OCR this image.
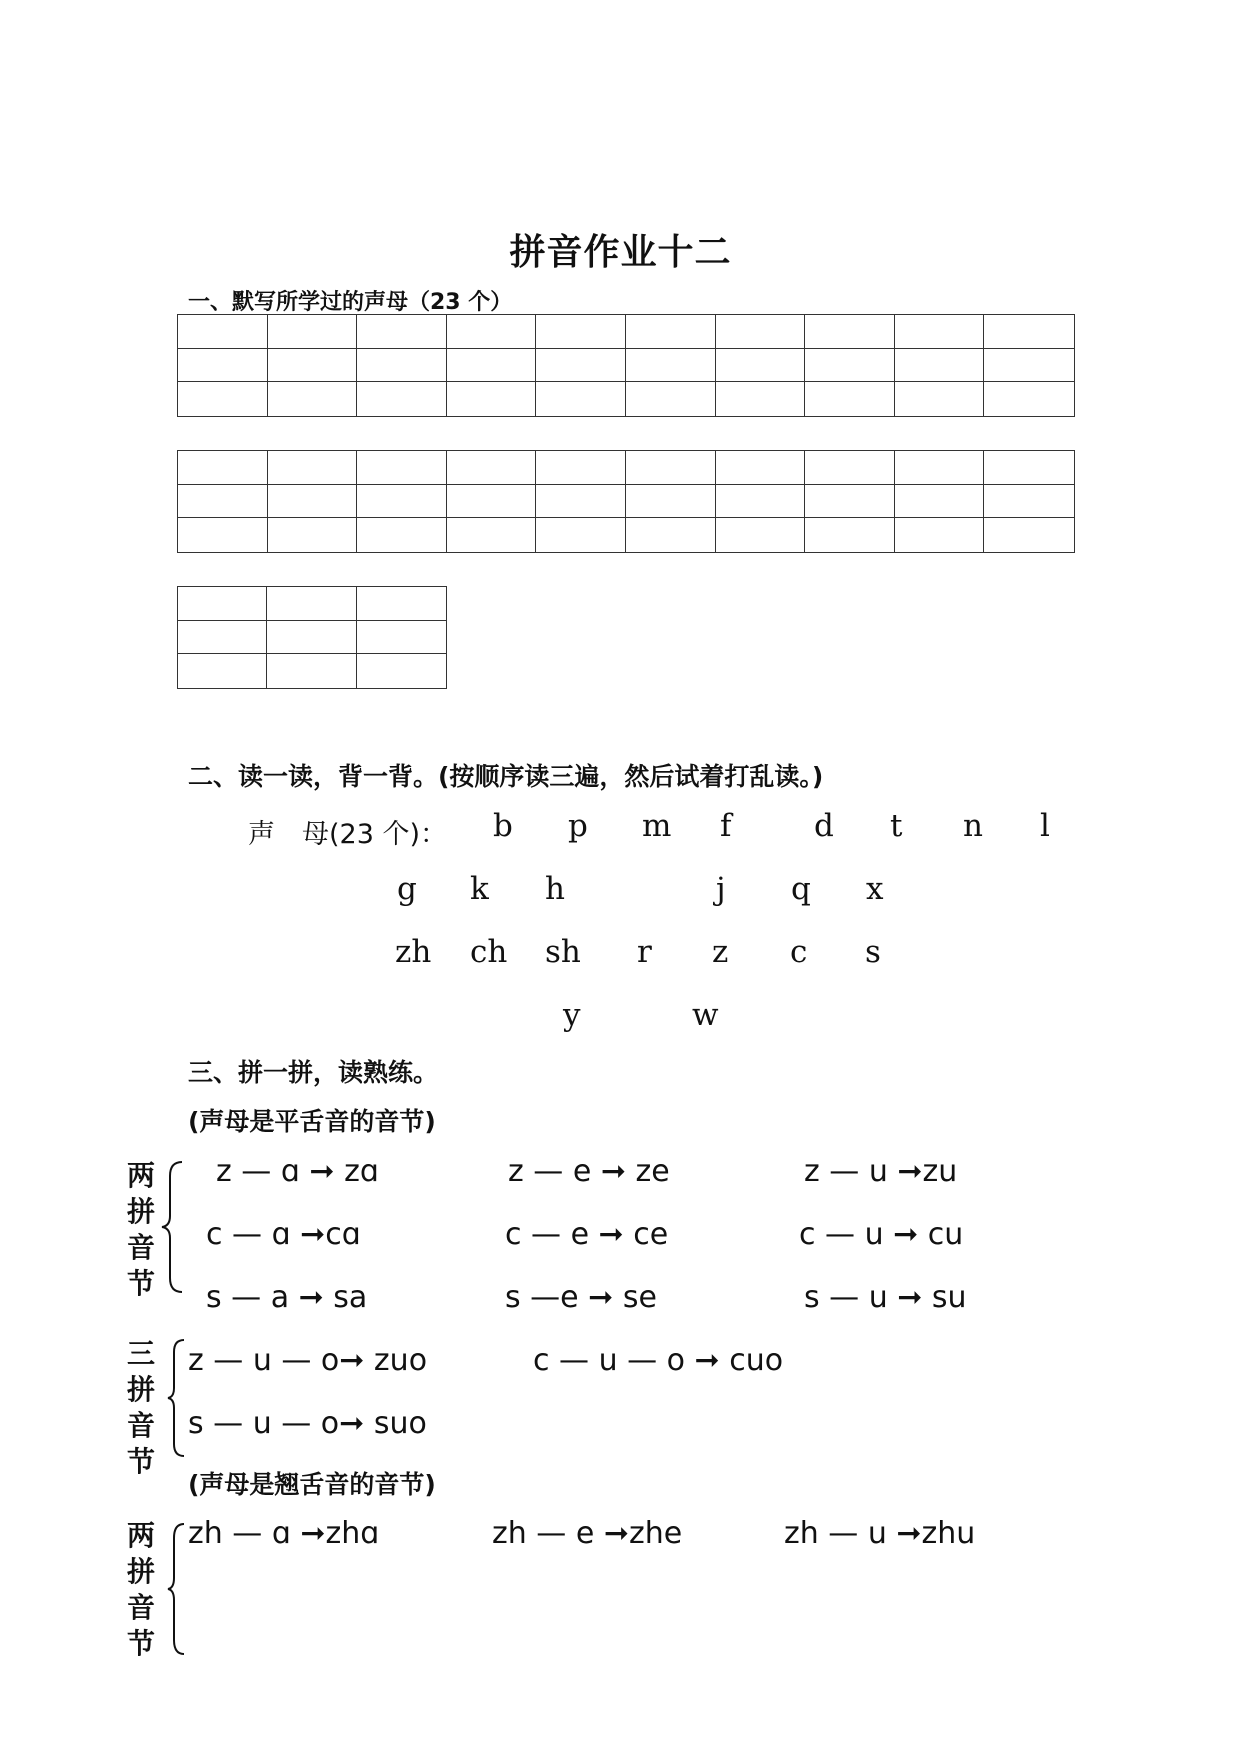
拼音作业十二
一、默写所学过的声母（23 个）
二、读一读，背一背。(按顺序读三遍，然后试着打乱读。)
声　母(23 个)： b p m f	d t n l
g k h	j q x
zh ch sh r z c s
y	w
三、拼一拼，读熟练。
(声母是平舌音的音节)
两拼音节
z — ɑ ➞ zɑ	z — e ➞ ze	z — u ➞zu
c — ɑ ➞cɑ	c — e ➞ ce	c — u ➞ cu
s — a ➞ sa	s —e ➞ se	s — u ➞ su
三拼音节
z — u — o➞ zuo	c — u — o ➞ cuo
s — u — o➞ suo
(声母是翘舌音的音节)
两拼音节
zh — ɑ ➞zhɑ	zh — e ➞zhe	zh — u ➞zhu
